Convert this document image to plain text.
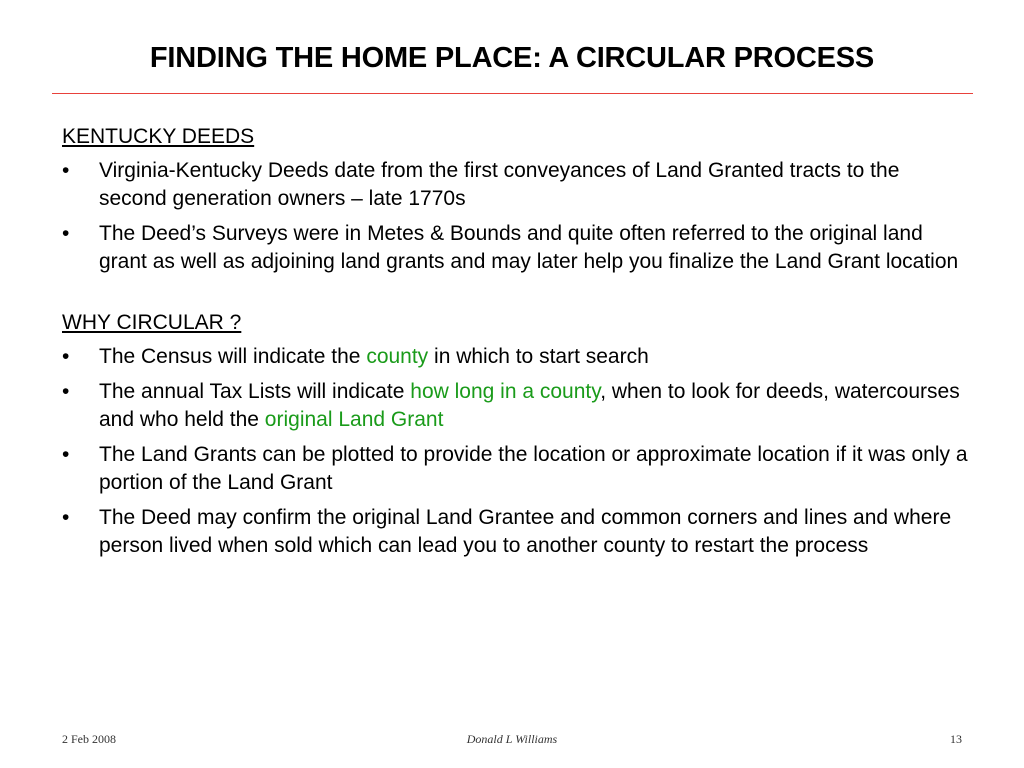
FINDING THE HOME PLACE: A CIRCULAR PROCESS
KENTUCKY DEEDS
• Virginia-Kentucky Deeds date from the first conveyances of Land Granted tracts to the second generation owners – late 1770s
• The Deed’s Surveys were in Metes & Bounds and quite often referred to the original land grant as well as adjoining land grants and may later help you finalize the Land Grant location
WHY CIRCULAR ?
• The Census will indicate the county in which to start search
• The annual Tax Lists will indicate how long in a county, when to look for deeds, watercourses and who held the original Land Grant
• The Land Grants can be plotted to provide the location or approximate location if it was only a portion of the Land Grant
• The Deed may confirm the original Land Grantee and common corners and lines and where person lived when sold which can lead you to another county to restart the process
2 Feb 2008	Donald L Williams	13
